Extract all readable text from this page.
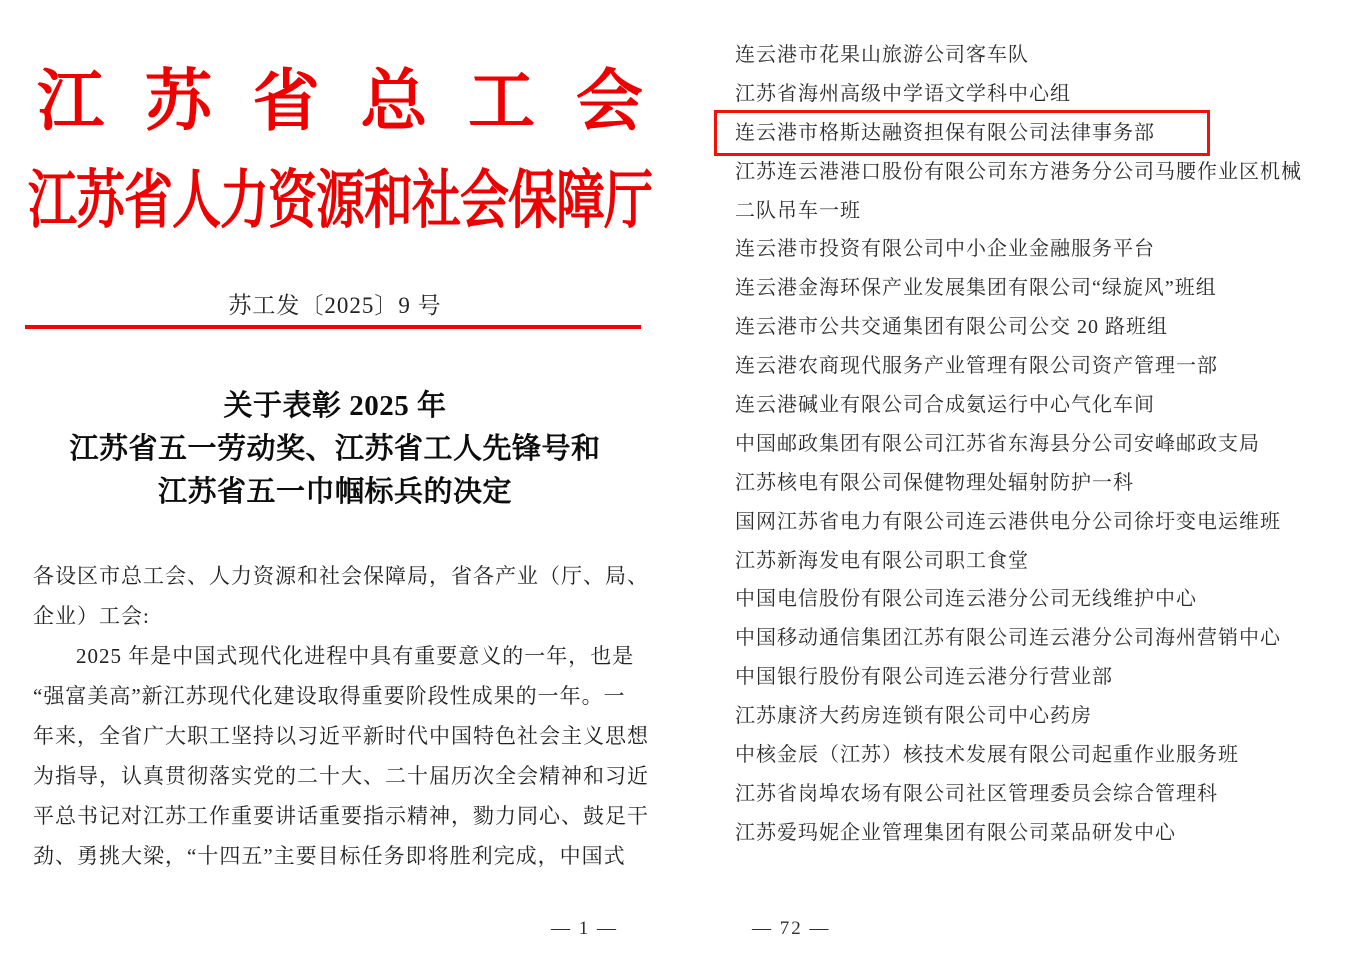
江 苏 省 总 工 会
江苏省人力资源和社会保障厅
苏工发〔2025〕9 号
关于表彰 2025 年
江苏省五一劳动奖、江苏省工人先锋号和
江苏省五一巾帼标兵的决定
各设区市总工会、人力资源和社会保障局，省各产业（厅、局、
企业）工会:
2025 年是中国式现代化进程中具有重要意义的一年，也是
“强富美高”新江苏现代化建设取得重要阶段性成果的一年。一
年来，全省广大职工坚持以习近平新时代中国特色社会主义思想
为指导，认真贯彻落实党的二十大、二十届历次全会精神和习近
平总书记对江苏工作重要讲话重要指示精神，勠力同心、鼓足干
劲、勇挑大梁，“十四五”主要目标任务即将胜利完成，中国式
— 1 —
连云港市花果山旅游公司客车队
江苏省海州高级中学语文学科中心组
连云港市格斯达融资担保有限公司法律事务部
江苏连云港港口股份有限公司东方港务分公司马腰作业区机械
二队吊车一班
连云港市投资有限公司中小企业金融服务平台
连云港金海环保产业发展集团有限公司“绿旋风”班组
连云港市公共交通集团有限公司公交 20 路班组
连云港农商现代服务产业管理有限公司资产管理一部
连云港碱业有限公司合成氨运行中心气化车间
中国邮政集团有限公司江苏省东海县分公司安峰邮政支局
江苏核电有限公司保健物理处辐射防护一科
国网江苏省电力有限公司连云港供电分公司徐圩变电运维班
江苏新海发电有限公司职工食堂
中国电信股份有限公司连云港分公司无线维护中心
中国移动通信集团江苏有限公司连云港分公司海州营销中心
中国银行股份有限公司连云港分行营业部
江苏康济大药房连锁有限公司中心药房
中核金辰（江苏）核技术发展有限公司起重作业服务班
江苏省岗埠农场有限公司社区管理委员会综合管理科
江苏爱玛妮企业管理集团有限公司菜品研发中心
— 72 —
